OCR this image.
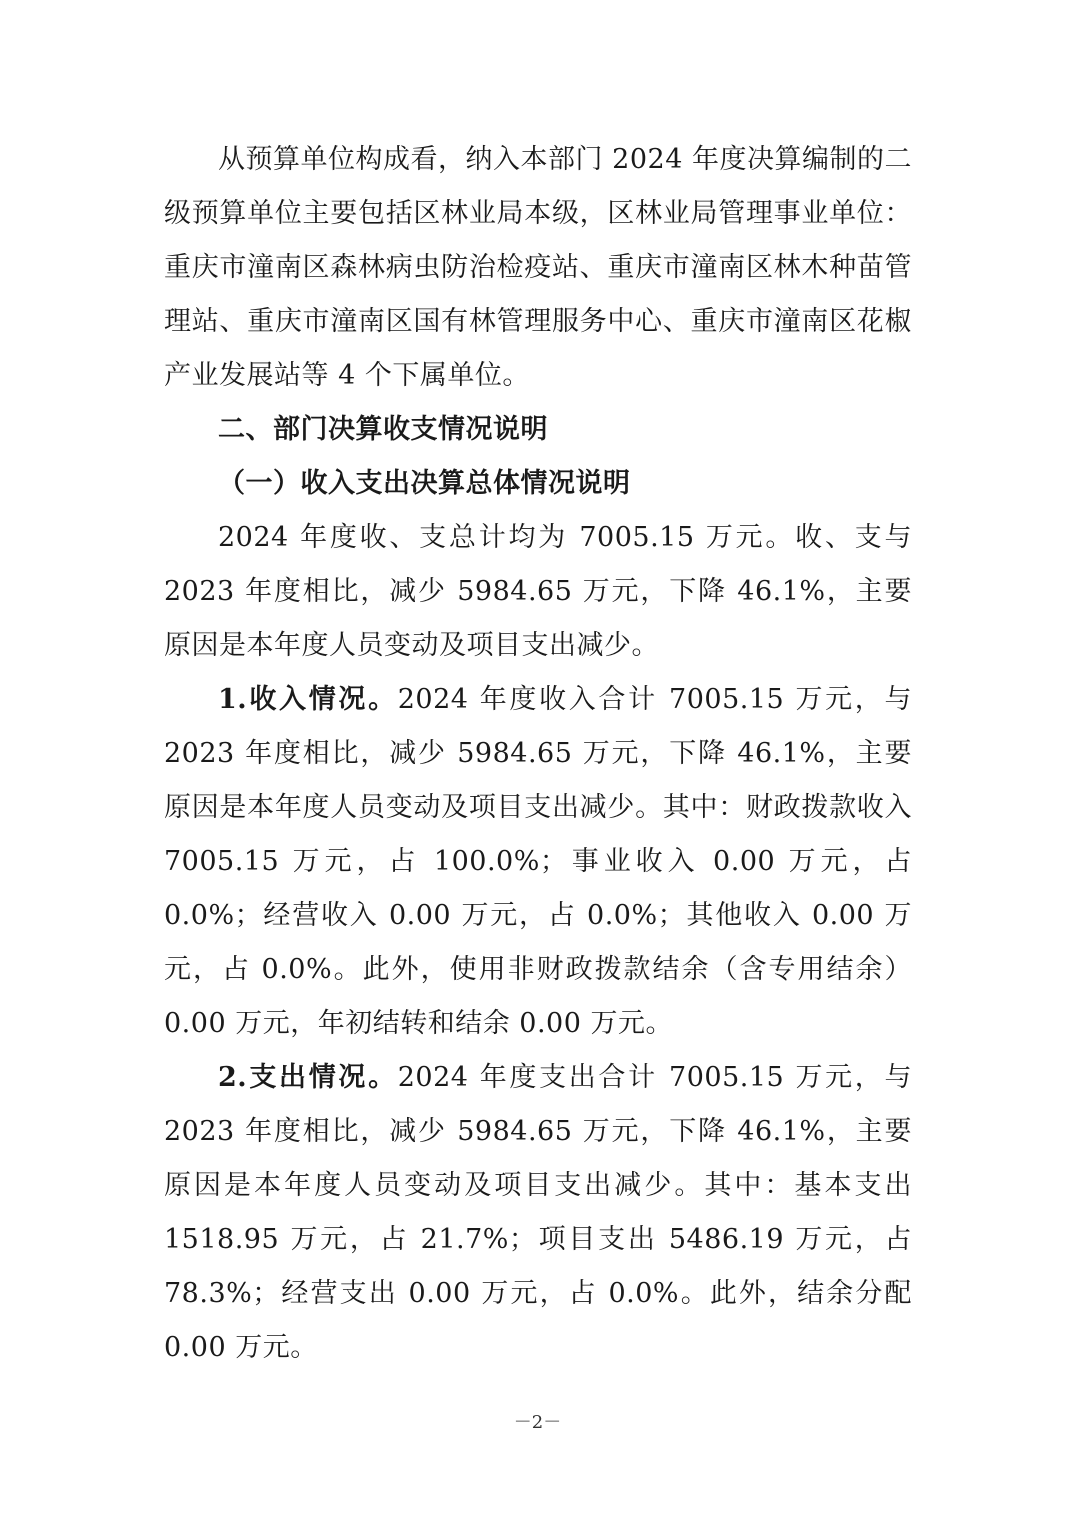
从预算单位构成看，纳入本部门 2024 年度决算编制的二级预算单位主要包括区林业局本级，区林业局管理事业单位：重庆市潼南区森林病虫防治检疫站、重庆市潼南区林木种苗管理站、重庆市潼南区国有林管理服务中心、重庆市潼南区花椒产业发展站等 4 个下属单位。

二、部门决算收支情况说明

（一）收入支出决算总体情况说明

2024 年度收、支总计均为 7005.15 万元。收、支与 2023 年度相比，减少 5984.65 万元，下降 46.1%，主要原因是本年度人员变动及项目支出减少。

1.收入情况。2024 年度收入合计 7005.15 万元，与 2023 年度相比，减少 5984.65 万元，下降 46.1%，主要原因是本年度人员变动及项目支出减少。其中：财政拨款收入 7005.15 万元，占 100.0%；事业收入 0.00 万元，占 0.0%；经营收入 0.00 万元，占 0.0%；其他收入 0.00 万元，占 0.0%。此外，使用非财政拨款结余（含专用结余）0.00 万元，年初结转和结余 0.00 万元。

2.支出情况。2024 年度支出合计 7005.15 万元，与 2023 年度相比，减少 5984.65 万元，下降 46.1%，主要原因是本年度人员变动及项目支出减少。其中：基本支出 1518.95 万元，占 21.7%；项目支出 5486.19 万元，占 78.3%；经营支出 0.00 万元，占 0.0%。此外，结余分配 0.00 万元。

－2－
